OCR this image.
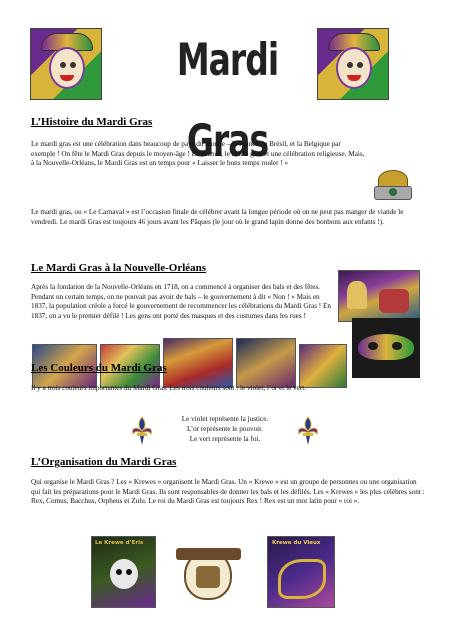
Mardi Gras
L’Histoire du Mardi Gras

Le mardi gras est une célébration dans beaucoup de pays du monde – la France, le Brésil, et la Belgique par exemple ! On fête le Mardi Gras depuis le moyen-âge ! En France, le mardi gras et une célébration religieuse. Mais, à la Nouvelle-Orléans, le Mardi Gras est un temps pour « Laisser le bons temps rouler ! »

Le mardi gras, ou « Le Carnaval » est l’occasion finale de célébrer avant la longue période où on ne peut pas manger de viande le vendredi. Le mardi Gras est toujours 46 jours avant les Pâques (le jour où le grand lapin donne des bonbons aux enfants !).

Le Mardi Gras à la Nouvelle-Orléans

Après la fondation de la Nouvelle-Orléans en 1718, on a commencé à organiser des bals et des fêtes. Pendant un certain temps, on ne pouvait pas avoir de bals – le gouvernement à dit « Non ! » Mais en 1837, la population créole a forcé le gouvernement de recommencer les célébrations du Mardi Gras ! En 1837, on a vu le premier défilé ! Les gens ont porté des masques et des costumes dans les rues !

Les Couleurs du Mardi Gras

Il y a trois couleurs importantes du Mardi Gras. Les trois couleurs sont : le violet, l’or et le vert.

Le violet représente la justice.

L’or représente le pouvoir.

Le vert représente la foi.

L’Organisation du Mardi Gras

Qui organise le Mardi Gras ? Les « Krewes » organisent le Mardi Gras. Un « Krewe » est un groupe de personnes ou une organisation qui fait les préparations pour le Mardi Gras. Ils sont responsables de donner les bals et les défilés. Les « Krewes » les plus célèbres sont : Rex, Comus, Bacchus, Orpheus et Zulu. Le roi du Mardi Gras est toujours Rex ! Rex est un mot latin pour « roi ».

Le Krewe d’Eris	Krewe du Vieux
